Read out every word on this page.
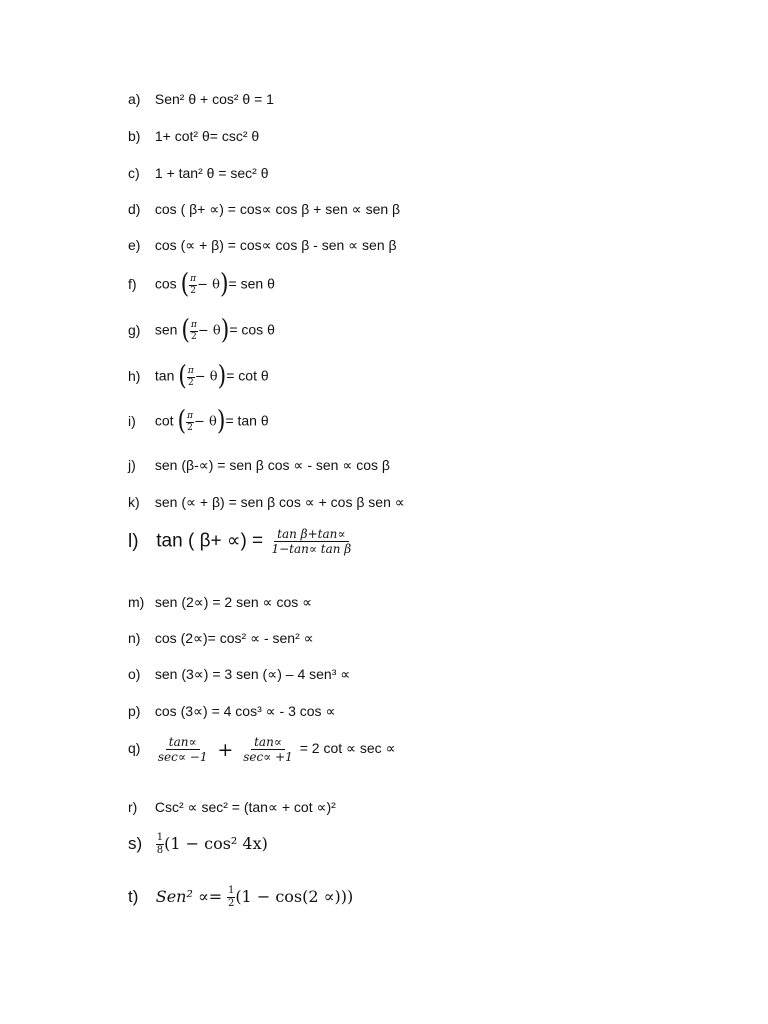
a) Sen² θ + cos² θ = 1
b) 1+ cot² θ= csc² θ
c) 1 + tan² θ = sec² θ
d) cos ( β+ ∝) = cos∝ cos β + sen ∝ sen β
e) cos (∝ + β) = cos∝ cos β - sen ∝ sen β
f) cos ( $\frac{\pi}{2} - \theta)=$ sen θ
g) sen ( $\frac{\pi}{2} - \theta)= \cos \theta$
h) tan ( $\frac{\pi}{2} - \theta)= \cot \theta$
i) cot ( $\frac{\pi}{2} - \theta)= \tan \theta$
j) sen (β-∝) = sen β cos ∝ - sen ∝ cos β
k) sen (∝ + β) = sen β cos ∝ + cos β sen ∝
l) tan ( β+ ∝) = $\frac{\text{tan β+tan∝}}{\text{1−tan∝ tan β}}$
m) sen (2∝) = 2 sen ∝ cos ∝
n) cos (2∝)= cos² ∝ - sen² ∝
o) sen (3∝) = 3 sen (∝) – 4 sen³ ∝
p) cos (3∝) = 4 cos³ ∝ - 3 cos ∝
$q) \frac{\tan\propto}{\sec\propto -1} + \frac{\tan\propto}{\sec\propto +1} = 2$ cot ∝ sec ∝
r) Csc² ∝ sec² = (tan∝ + cot ∝)²
$s) \frac{1}{8} (1 - \cos^2$ 4x)
t) $Sen^2 \propto= \frac{1}{2} (1 - \cos(2$ ∝)))
